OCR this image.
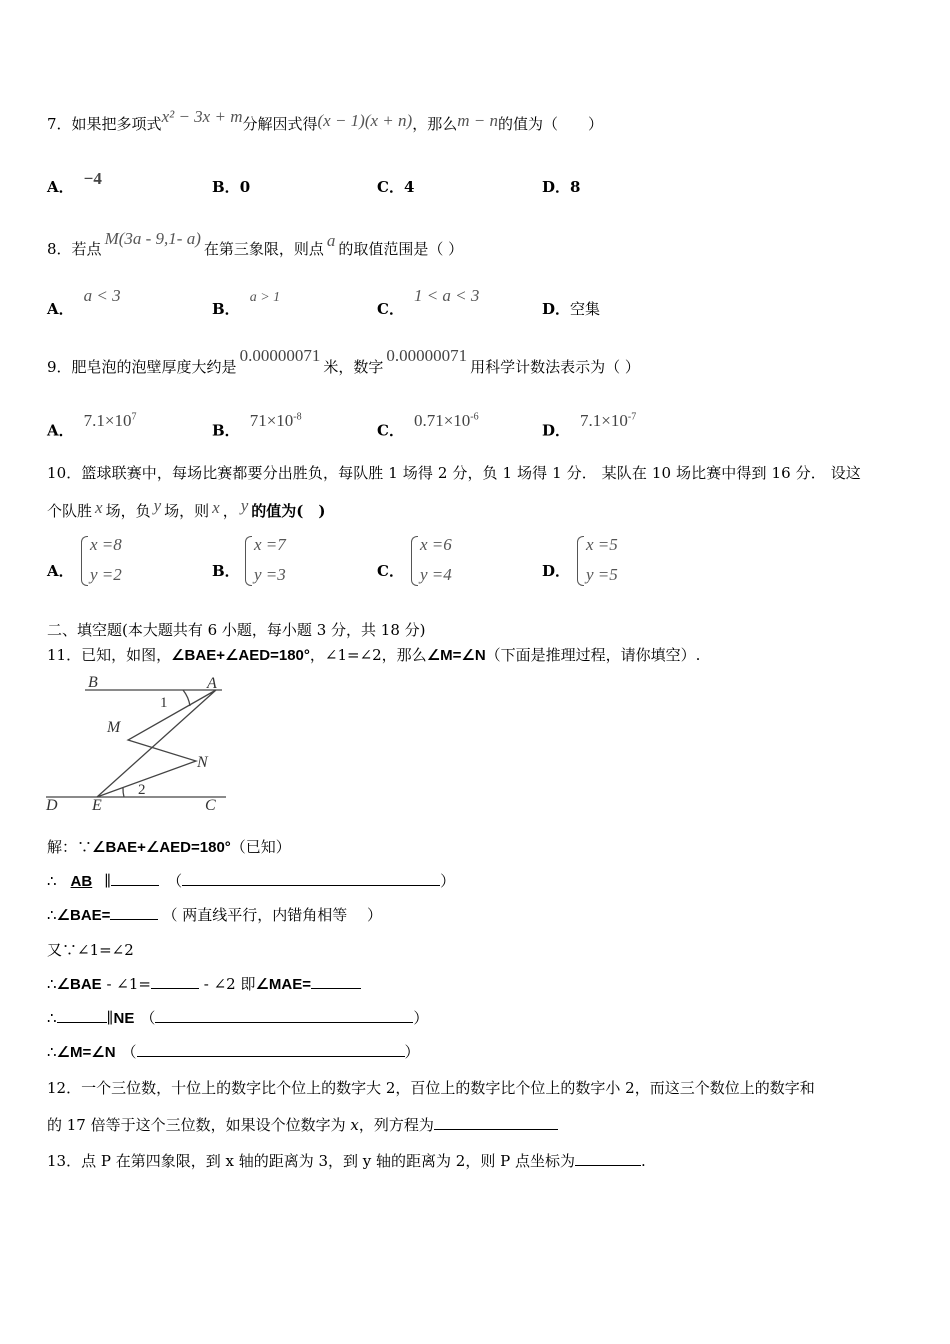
7．如果把多项式x² − 3x + m分解因式得(x − 1)(x + n)，那么m − n的值为（　　）
A． −4	B．0	C．4	D．8
8．若点M(3a - 9,1- a)在第三象限，则点 a 的取值范围是（ ）
A．a < 3
B．a > 1
C．1 < a < 3
D．空集
9．肥皂泡的泡壁厚度大约是0.00000071米，数字0.00000071用科学计数法表示为（ ）
A．$7.1\times 10^7$
B．$71\times 10^{-8}$
C．$0.71\times 10^{-6}$
D．$7.1\times 10^{-7}$
10．篮球联赛中，每场比赛都要分出胜负，每队胜 1 场得 2 分，负 1 场得 1 分． 某队在 10 场比赛中得到 16 分． 设这
个队胜 x 场，负 y 场，则 x ， y 的值为(　)
A．
x =8
y =2	B．
x =7
y =3	C．
x =6
y =4	D．
x =5
y =5
二、填空题(本大题共有 6 小题，每小题 3 分，共 18 分)
11．已知，如图，∠BAE+∠AED=180°，∠1=∠2，那么∠M=∠N（下面是推理过程，请你填空）.
B	A
M
N
D E	C
1
2
解：∵∠BAE+∠AED=180°（已知）
∴ AB ∥	（	）
∴∠BAE=	（ 两直线平行，内错角相等 　）
又∵∠1=∠2
∴∠BAE - ∠1=	- ∠2 即∠MAE=
∴	∥NE （	）
∴∠M=∠N （	）
12．一个三位数，十位上的数字比个位上的数字大 2，百位上的数字比个位上的数字小 2，而这三个数位上的数字和
的 17 倍等于这个三位数，如果设个位数字为 x，列方程为
13．点 P 在第四象限，到 x 轴的距离为 3，到 y 轴的距离为 2，则 P 点坐标为	.
